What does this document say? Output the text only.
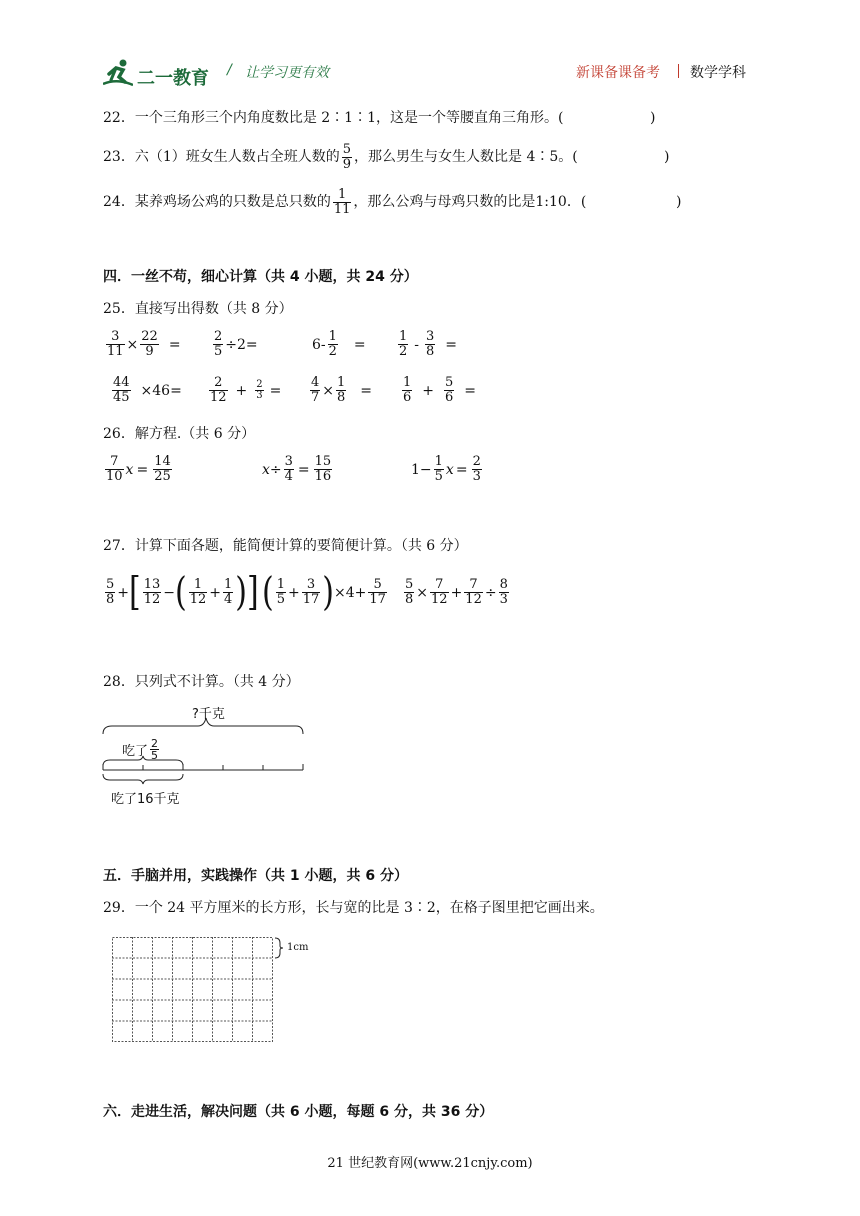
二一教育 / 让学习更有效	新课备课备考 数学学科
22．一个三角形三个内角度数比是 2∶1∶1，这是一个等腰直角三角形。(	)
23．六（1）班女生人数占全班人数的 $\frac{5}{9}$ ，那么男生与女生人数比是 4∶5。(	)
24．某养鸡场公鸡的只数是总只数的 $\frac{1}{11}$ ，那么公鸡与母鸡只数的比是1:10．(	)
四．一丝不苟，细心计算（共 4 小题，共 24 分）
25．直接写出得数（共 8 分）
$\frac{3}{11} \times \frac{22}{9} = \frac{2}{5} \div 2=$	$6- \frac{1}{2} = \frac{1}{2} - \frac{3}{8}$ =
$\frac{44}{45} \times 46= \frac{2}{12} + \frac{2}{3} = \frac{4}{7} \times \frac{1}{8} = \frac{1}{6} + \frac{5}{6}$ =
26．解方程.（共 6 分）
$\frac{7}{10}$ $x = \frac{14}{25}$	$x\div \frac{3}{4} = \frac{15}{16}$	$1- \frac{1}{5}$ $x = \frac{2}{3}$
27．计算下面各题，能简便计算的要简便计算。（共 6 分）
$\frac{5}{8}$ +[ $\frac{13}{12}$ −( $\frac{1}{12} + \frac{1}{4}$ )] ( $\frac{1}{5} + \frac{3}{17} )\times 4+ \frac{5}{17} \frac{5}{8} \times \frac{7}{12} + \frac{7}{12} \div \frac{8}{3}$
28．只列式不计算。（共 4 分）
?千克
吃了 $\frac{2}{5}$
吃了16千克
五．手脑并用，实践操作（共 1 小题，共 6 分）
29．一个 24 平方厘米的长方形，长与宽的比是 3∶2，在格子图里把它画出来。
1cm
六．走进生活，解决问题（共 6 小题，每题 6 分，共 36 分）
21 世纪教育网(www.21cnjy.com)
